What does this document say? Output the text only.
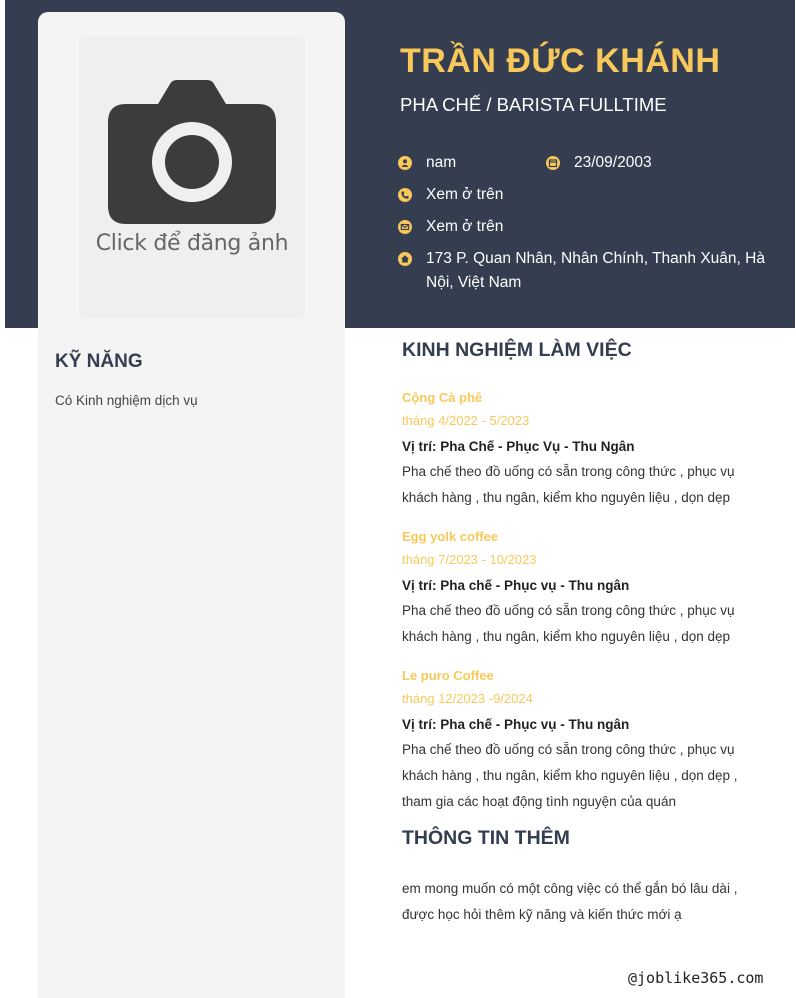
Click để đăng ảnh
KỸ NĂNG

Có Kinh nghiệm dịch vụ

TRẦN ĐỨC KHÁNH
PHA CHẾ / BARISTA FULLTIME
nam	23/09/2003
Xem ở trên
Xem ở trên
173 P. Quan Nhân, Nhân Chính, Thanh Xuân, Hà Nội, Việt Nam
KINH NGHIỆM LÀM VIỆC
Cộng Cà phê
tháng 4/2022 - 5/2023
Vị trí: Pha Chế - Phục Vụ - Thu Ngân
Pha chế theo đồ uống có sẵn trong công thức , phục vụ khách hàng , thu ngân, kiểm kho nguyên liệu , dọn dẹp
Egg yolk coffee
tháng 7/2023 - 10/2023
Vị trí: Pha chế - Phục vụ - Thu ngân
Pha chế theo đồ uống có sẵn trong công thức , phục vụ khách hàng , thu ngân, kiểm kho nguyên liệu , dọn dẹp
Le puro Coffee
tháng 12/2023 -9/2024
Vị trí: Pha chế - Phục vụ - Thu ngân
Pha chế theo đồ uống có sẵn trong công thức , phục vụ khách hàng , thu ngân, kiểm kho nguyên liệu , dọn dẹp , tham gia các hoạt động tình nguyện của quán
THÔNG TIN THÊM
em mong muốn có một công việc có thể gắn bó lâu dài , được học hỏi thêm kỹ năng và kiến thức mới ạ
@joblike365.com
